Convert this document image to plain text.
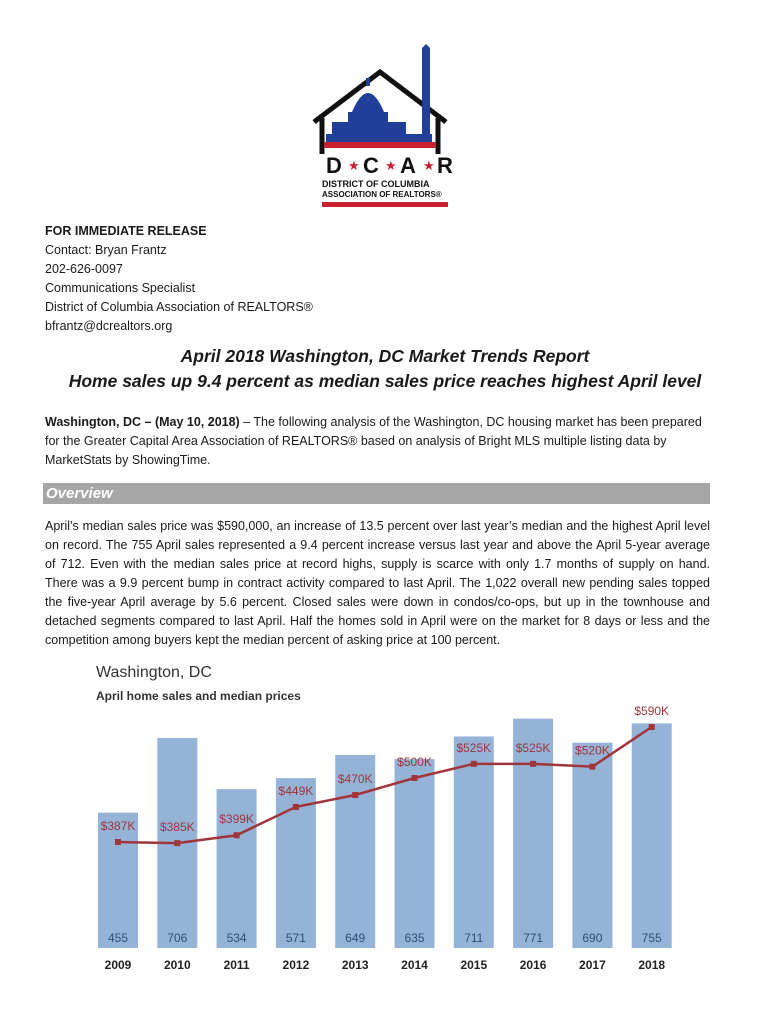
D ★ C ★ A ★ R
DISTRICT OF COLUMBIA
ASSOCIATION OF REALTORS®
FOR IMMEDIATE RELEASE
Contact: Bryan Frantz
202-626-0097
Communications Specialist
District of Columbia Association of REALTORS®
bfrantz@dcrealtors.org
April 2018 Washington, DC Market Trends Report
Home sales up 9.4 percent as median sales price reaches highest April level
Washington, DC – (May 10, 2018) – The following analysis of the Washington, DC housing market has been prepared for the Greater Capital Area Association of REALTORS® based on analysis of Bright MLS multiple listing data by MarketStats by ShowingTime.
Overview
April’s median sales price was $590,000, an increase of 13.5 percent over last year’s median and the highest April level on record. The 755 April sales represented a 9.4 percent increase versus last year and above the April 5-year average of 712. Even with the median sales price at record highs, supply is scarce with only 1.7 months of supply on hand. There was a 9.9 percent bump in contract activity compared to last April. The 1,022 overall new pending sales topped the five-year April average by 5.6 percent. Closed sales were down in condos/co-ops, but up in the townhouse and detached segments compared to last April. Half the homes sold in April were on the market for 8 days or less and the competition among buyers kept the median percent of asking price at 100 percent.
Washington, DC
April home sales and median prices
455
2009
706
2010
534
2011
571
2012
649
2013
635
2014
711
2015
771
2016
690
2017
755
2018
$387K $385K
$399K
$449K
$470K
$500K
$525K $525K $520K
$590K
